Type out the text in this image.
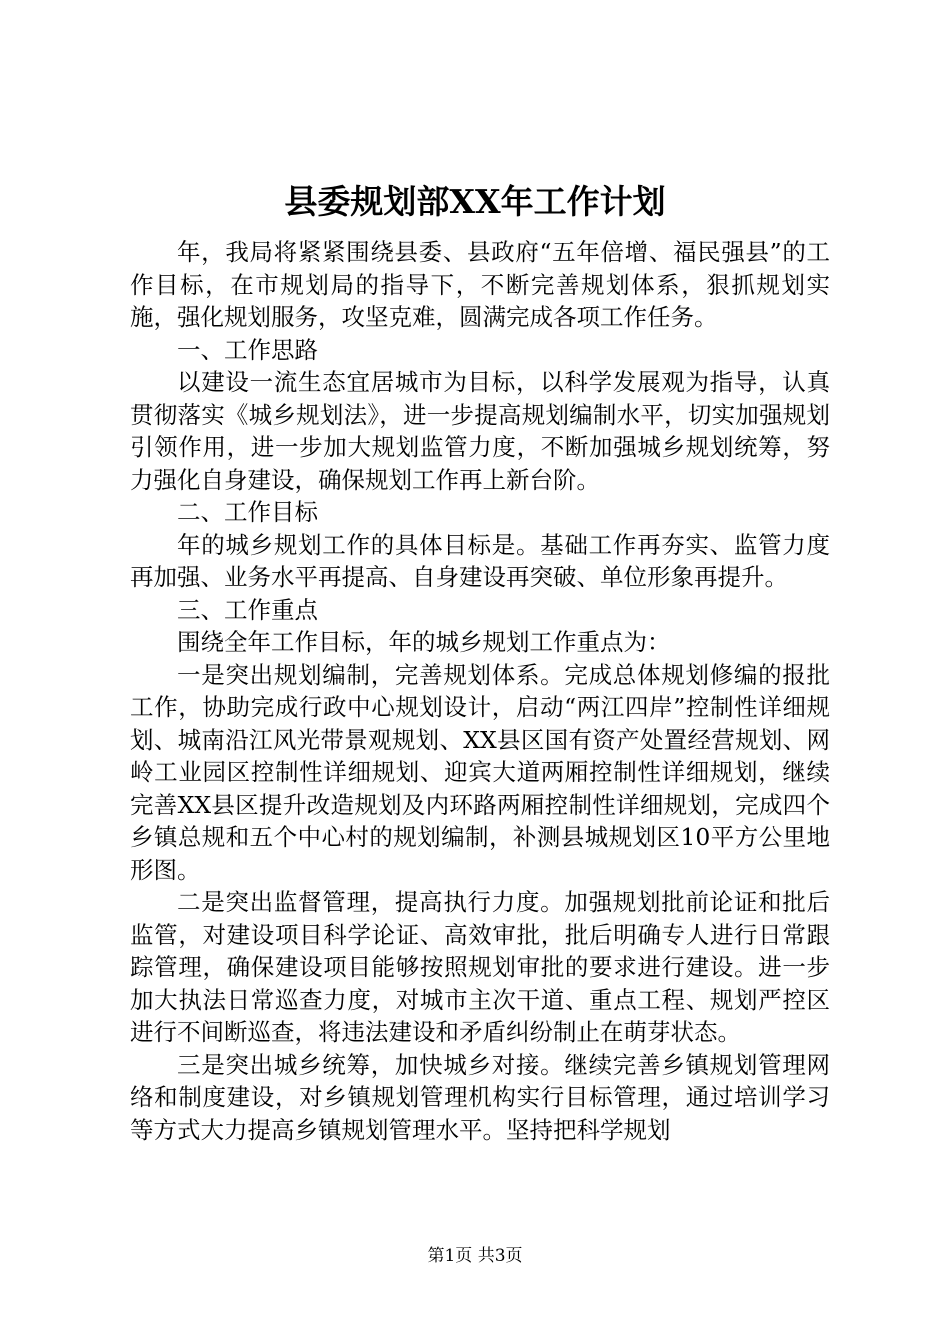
县委规划部XX年工作计划

年，我局将紧紧围绕县委、县政府“五年倍增、福民强县”的工作目标，在市规划局的指导下，不断完善规划体系，狠抓规划实施，强化规划服务，攻坚克难，圆满完成各项工作任务。

一、工作思路

以建设一流生态宜居城市为目标，以科学发展观为指导，认真贯彻落实《城乡规划法》，进一步提高规划编制水平，切实加强规划引领作用，进一步加大规划监管力度，不断加强城乡规划统筹，努力强化自身建设，确保规划工作再上新台阶。

二、工作目标

年的城乡规划工作的具体目标是。基础工作再夯实、监管力度再加强、业务水平再提高、自身建设再突破、单位形象再提升。

三、工作重点

围绕全年工作目标，年的城乡规划工作重点为：

一是突出规划编制，完善规划体系。完成总体规划修编的报批工作，协助完成行政中心规划设计，启动“两江四岸”控制性详细规划、城南沿江风光带景观规划、XX县区国有资产处置经营规划、网岭工业园区控制性详细规划、迎宾大道两厢控制性详细规划，继续完善XX县区提升改造规划及内环路两厢控制性详细规划，完成四个乡镇总规和五个中心村的规划编制，补测县城规划区10平方公里地形图。

二是突出监督管理，提高执行力度。加强规划批前论证和批后监管，对建设项目科学论证、高效审批，批后明确专人进行日常跟踪管理，确保建设项目能够按照规划审批的要求进行建设。进一步加大执法日常巡查力度，对城市主次干道、重点工程、规划严控区进行不间断巡查，将违法建设和矛盾纠纷制止在萌芽状态。

三是突出城乡统筹，加快城乡对接。继续完善乡镇规划管理网络和制度建设，对乡镇规划管理机构实行目标管理，通过培训学习等方式大力提高乡镇规划管理水平。坚持把科学规划

第1页 共3页
